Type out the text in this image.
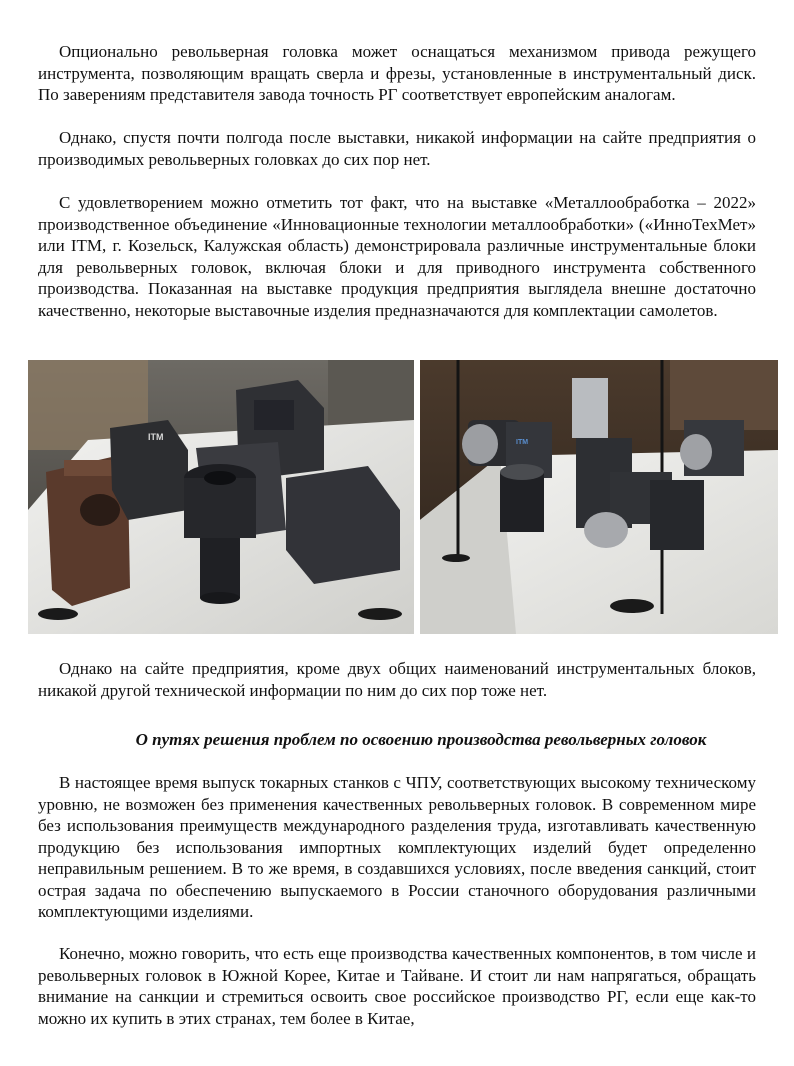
Опционально револьверная головка может оснащаться механизмом привода режущего инструмента, позволяющим вращать сверла и фрезы, установленные в инструментальный диск. По заверениям представителя завода точность РГ соответствует европейским аналогам.

Однако, спустя почти полгода после выставки, никакой информации на сайте предприятия о производимых револьверных головках до сих пор нет.

С удовлетворением можно отметить тот факт, что на выставке «Металлообработка – 2022» производственное объединение «Инновационные технологии металлообработки» («ИнноТехМет» или ITM, г. Козельск, Калужская область) демонстрировала различные инструментальные блоки для револьверных головок, включая блоки и для приводного инструмента собственного производства. Показанная на выставке продукция предприятия выглядела внешне достаточно качественно, некоторые выставочные изделия предназначаются для комплектации самолетов.

ITM
ITM

Однако на сайте предприятия, кроме двух общих наименований инструментальных блоков, никакой другой технической информации по ним до сих пор тоже нет.

О путях решения проблем по освоению производства револьверных головок

В настоящее время выпуск токарных станков с ЧПУ, соответствующих высокому техническому уровню, не возможен без применения качественных револьверных головок. В современном мире без использования преимуществ международного разделения труда, изготавливать качественную продукцию без использования импортных комплектующих изделий будет определенно неправильным решением. В то же время, в создавшихся условиях, после введения санкций, стоит острая задача по обеспечению выпускаемого в России станочного оборудования различными комплектующими изделиями.

Конечно, можно говорить, что есть еще производства качественных компонентов, в том числе и револьверных головок в Южной Корее, Китае и Тайване. И стоит ли нам напрягаться, обращать внимание на санкции и стремиться освоить свое российское производство РГ, если еще как-то можно их купить в этих странах, тем более в Китае,
